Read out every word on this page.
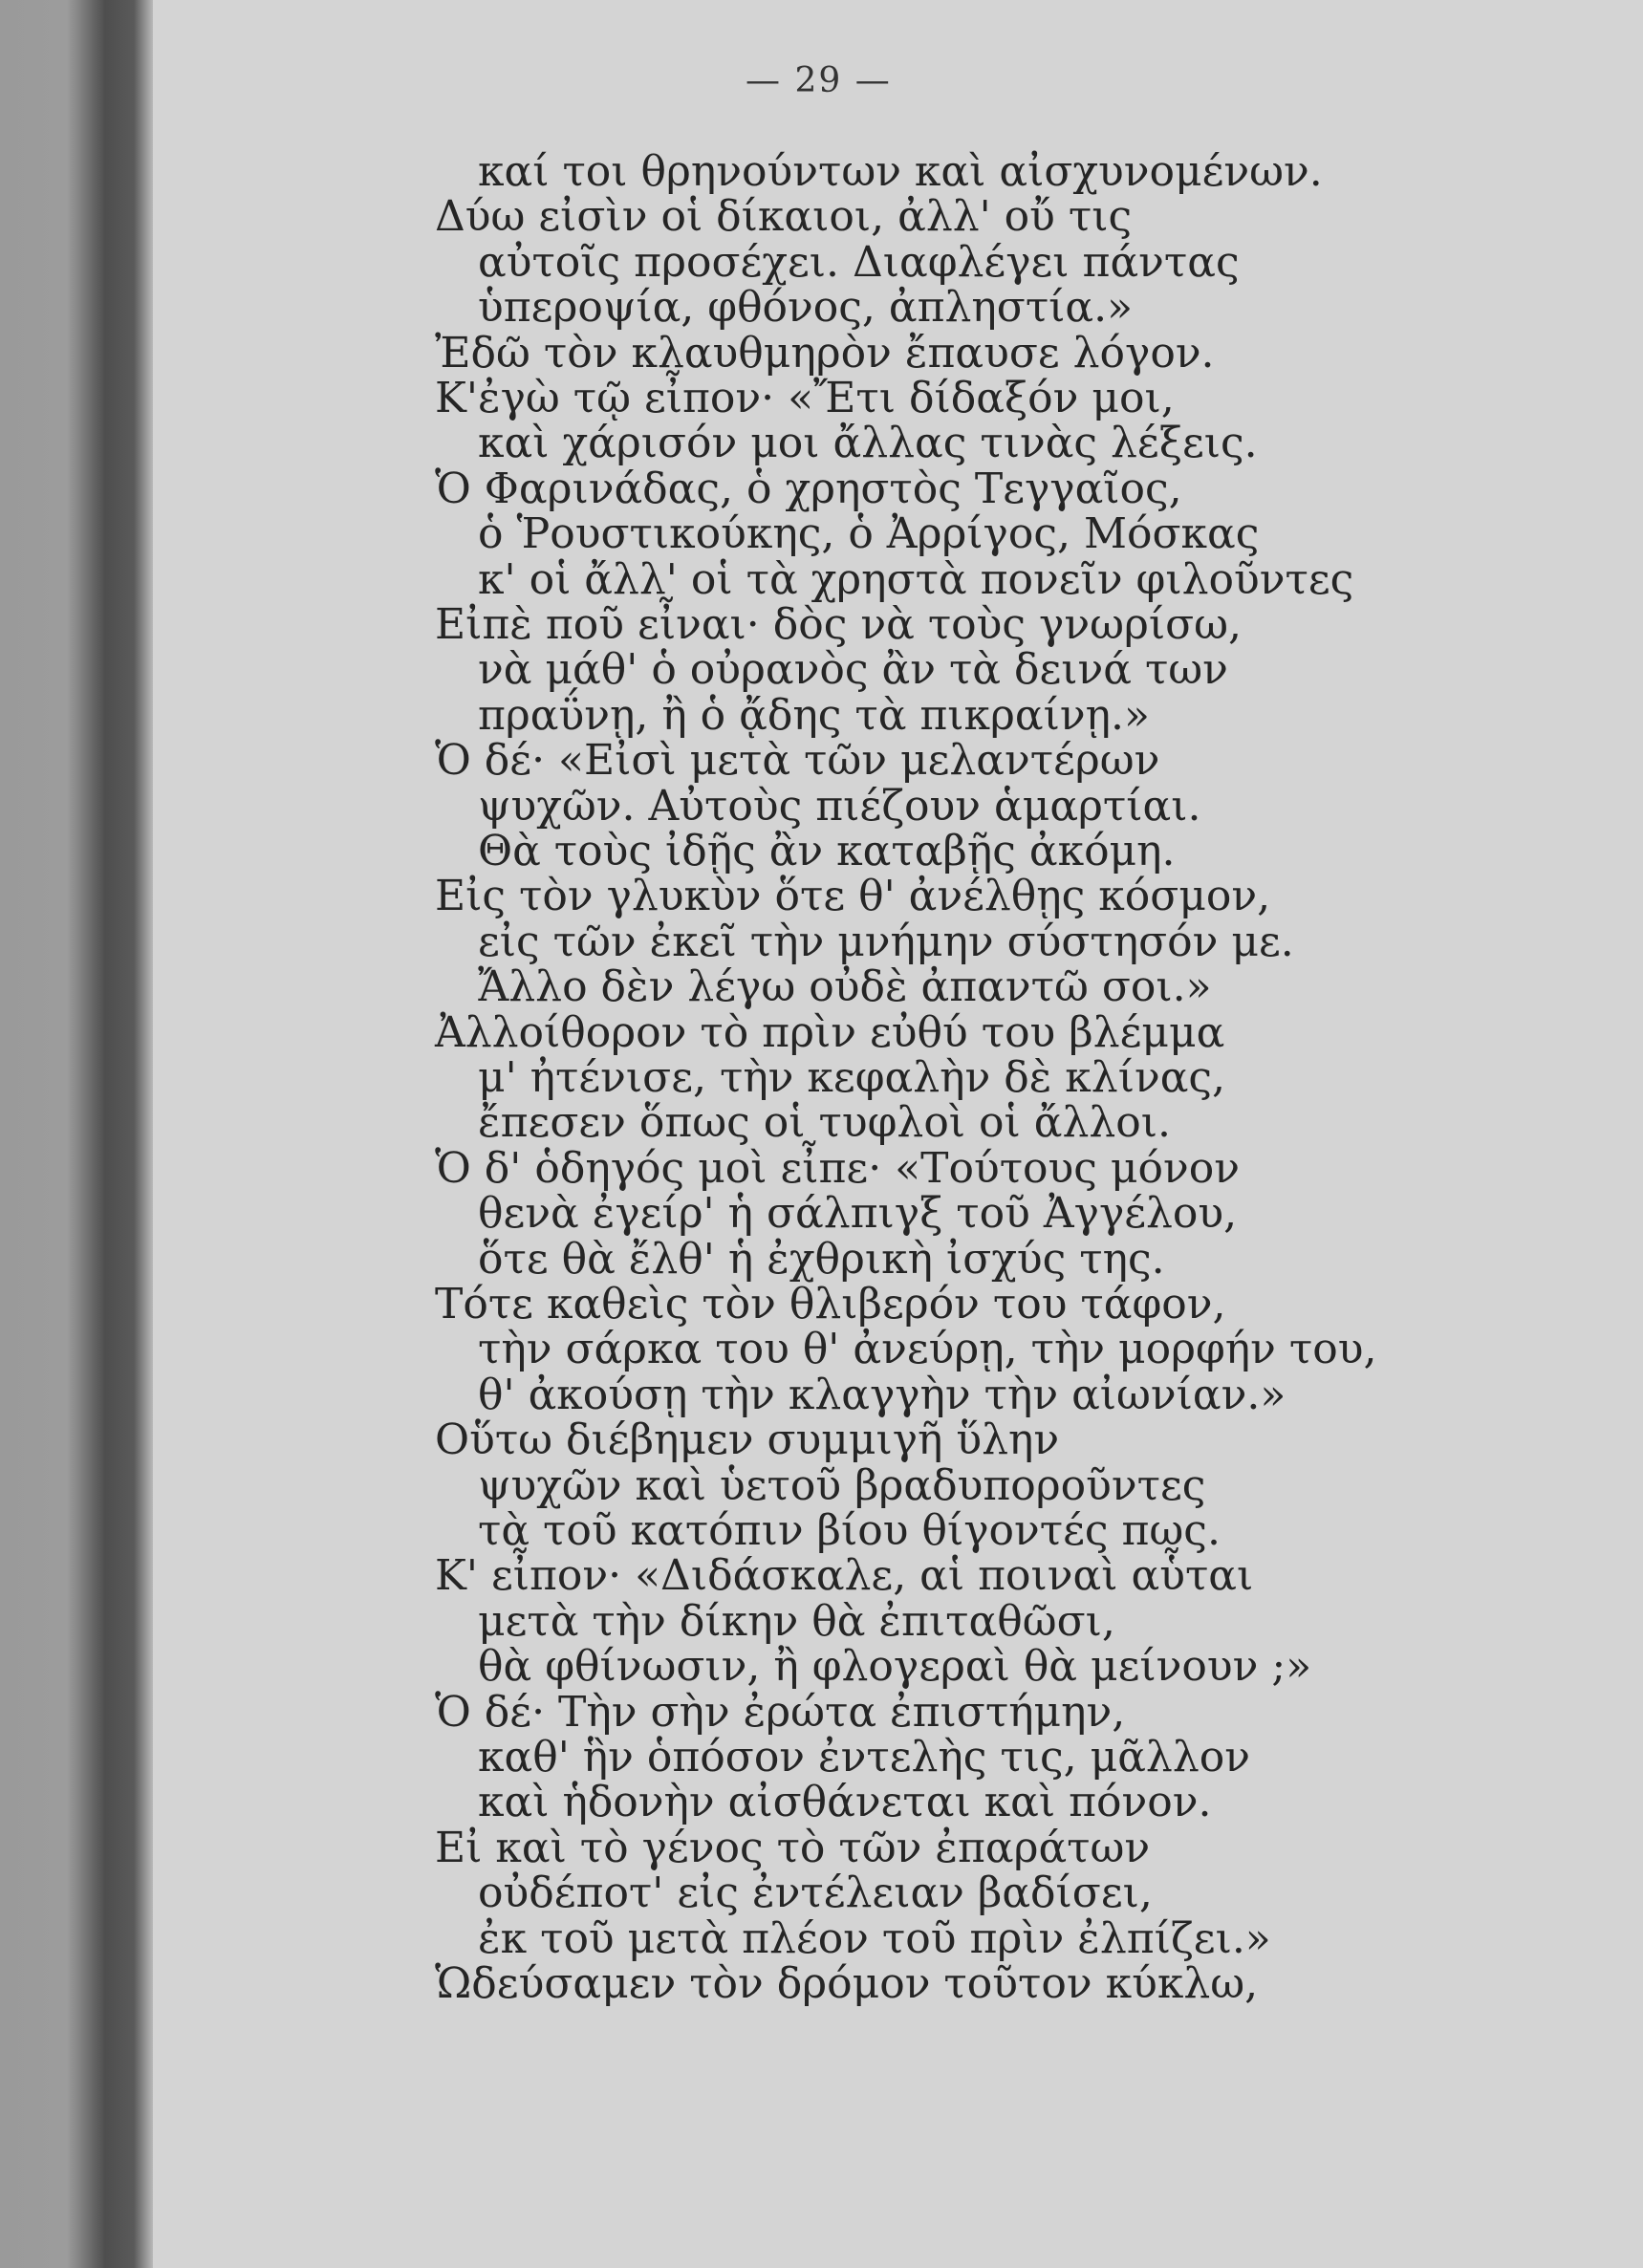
— 29 —
καί τοι θρηνούντων καὶ αἰσχυνομένων.
Δύω εἰσὶν οἱ δίκαιοι, ἀλλ' οὔ τις
αὐτοῖς προσέχει. Διαφλέγει πάντας
ὑπεροψία, φθόνος, ἀπληστία.»
Ἐδῶ τὸν κλαυθμηρὸν ἔπαυσε λόγον.
Κ'ἐγὼ τῷ εἶπον· «Ἔτι δίδαξόν μοι,
καὶ χάρισόν μοι ἄλλας τινὰς λέξεις.
Ὁ Φαρινάδας, ὁ χρηστὸς Τεγγαῖος,
ὁ Ῥουστικούκης, ὁ Ἀρρίγος, Μόσκας
κ' οἱ ἄλλ' οἱ τὰ χρηστὰ πονεῖν φιλοῦντες
Εἰπὲ ποῦ εἶναι· δὸς νὰ τοὺς γνωρίσω,
νὰ μάθ' ὁ οὐρανὸς ἂν τὰ δεινά των
πραΰνῃ, ἢ ὁ ᾄδης τὰ πικραίνῃ.»
Ὁ δέ· «Εἰσὶ μετὰ τῶν μελαντέρων
ψυχῶν. Αὐτοὺς πιέζουν ἁμαρτίαι.
Θὰ τοὺς ἰδῇς ἂν καταβῇς ἀκόμη.
Εἰς τὸν γλυκὺν ὅτε θ' ἀνέλθῃς κόσμον,
εἰς τῶν ἐκεῖ τὴν μνήμην σύστησόν με.
Ἄλλο δὲν λέγω οὐδὲ ἀπαντῶ σοι.»
Ἀλλοίθορον τὸ πρὶν εὐθύ του βλέμμα
μ' ἠτένισε, τὴν κεφαλὴν δὲ κλίνας,
ἔπεσεν ὅπως οἱ τυφλοὶ οἱ ἄλλοι.
Ὁ δ' ὁδηγός μοὶ εἶπε· «Τούτους μόνον
θενὰ ἐγείρ' ἡ σάλπιγξ τοῦ Ἀγγέλου,
ὅτε θὰ ἔλθ' ἡ ἐχθρικὴ ἰσχύς της.
Τότε καθεὶς τὸν θλιβερόν του τάφον,
τὴν σάρκα του θ' ἀνεύρῃ, τὴν μορφήν του,
θ' ἀκούσῃ τὴν κλαγγὴν τὴν αἰωνίαν.»
Οὕτω διέβημεν συμμιγῆ ὕλην
ψυχῶν καὶ ὑετοῦ βραδυποροῦντες
τὰ τοῦ κατόπιν βίου θίγοντές πως.
Κ' εἶπον· «Διδάσκαλε, αἱ ποιναὶ αὗται
μετὰ τὴν δίκην θὰ ἐπιταθῶσι,
θὰ φθίνωσιν, ἢ φλογεραὶ θὰ μείνουν ;»
Ὁ δέ· Τὴν σὴν ἐρώτα ἐπιστήμην,
καθ' ἣν ὁπόσον ἐντελὴς τις, μᾶλλον
καὶ ἡδονὴν αἰσθάνεται καὶ πόνον.
Εἰ καὶ τὸ γένος τὸ τῶν ἐπαράτων
οὐδέποτ' εἰς ἐντέλειαν βαδίσει,
ἐκ τοῦ μετὰ πλέον τοῦ πρὶν ἐλπίζει.»
Ὡδεύσαμεν τὸν δρόμον τοῦτον κύκλω,
